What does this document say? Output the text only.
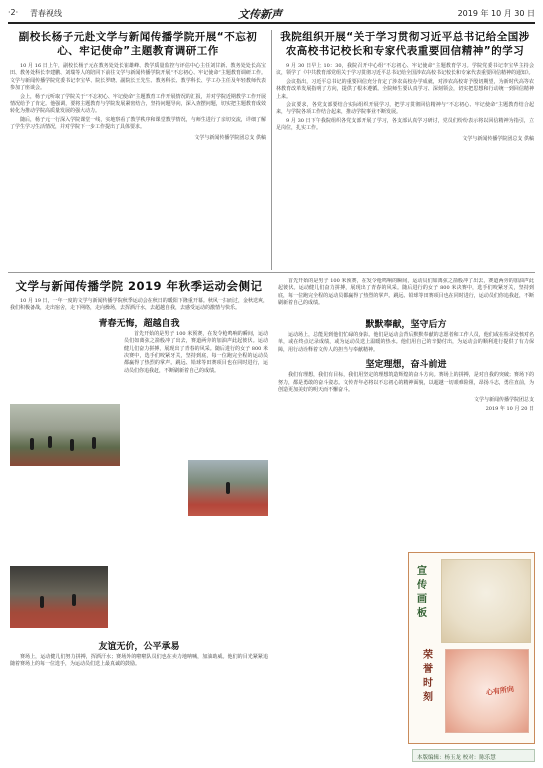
·2· 青春视线	文传新声	2019 年 10 月 30 日
副校长杨子元赴文学与新闻传播学院开展“不忘初心、牢记使命”主题教育调研工作

10 月 16 日上午，副校长杨子元在教务处处长崔雄峰、教学质量监控与评估中心主任刘甘新、教务处处长高宝田、教务处科长李建鹏、刘瑞等人的陪同下前往文学与新闻传播学院开展“不忘初心、牢记使命”主题教育调研工作。文学与新闻传播学院党委书记李宝华、院长罗晓、副院长王先生、教务科长、教学科长、学工办主任及年轻教师代表参加了座谈会。

会上，杨子元听取了学院关于“不忘初心、牢记使命”主题教育工作开展情况的汇报，并对学院近期教学工作开展情况给予了肯定。他强调，要将主题教育与学院发展紧密结合，坚持问题导向，深入查摆问题，切实把主题教育成效转化为推动学院高质量发展的强大动力。

随后，杨子元一行深入学院课堂一线，实地察看了教学秩序和课堂教学情况，与师生进行了亲切交流，详细了解了学生学习生活情况，并对学院下一步工作提出了具体要求。

文学与新闻传播学院团总支 供稿
我院组织开展“关于学习贯彻习近平总书记给全国涉农高校书记校长和专家代表重要回信精神”的学习

9 月 30 日早上 10：30，我院召开中心组“不忘初心、牢记使命”主题教育学习。学院党委书记李宝华主持会议，领学了《中共教育部党组关于学习贯彻习近平总书记给全国涉农高校书记校长和专家代表重要回信精神的通知》。

会议指出，习近平总书记的重要回信充分肯定了涉农高校办学成就，对涉农高校寄予殷切期望，为新时代高等农林教育改革发展指明了方向，提供了根本遵循。全院师生要认真学习、深刻领会，切实把思想和行动统一到回信精神上来。

会议要求，各党支部要结合实际组织开展学习，把学习贯彻回信精神与“不忘初心、牢记使命”主题教育结合起来，与学院各项工作结合起来，推动学院事业不断发展。

9 月 30 日下午我院组织各党支部开展了学习，各支部认真学习研讨，党员们纷纷表示将以回信精神为指引，立足岗位，扎实工作。

文学与新闻传播学院团总支 供稿
文学与新闻传播学院 2019 年秋季运动会侧记
10 月 19 日，一年一度的文学与新闻传播学院秋季运动会在秋日的暖阳下隆重开幕。秋风一扫而过，金秋送爽，我们积极备战，走出宿舍，走下网络，走向操场，去挥洒汗水，去超越自我，去感受运动的激情与快乐。
青春无悔，超越自我
首先开始的是男子 100 米预赛，在发令枪鸣响的瞬间，运动员们如离弦之箭般冲了出去，赛道两旁的加油声此起彼伏。运动健儿们奋力拼搏，展现出了青春的风采。随后进行的女子 800 米决赛中，选手们咬紧牙关，坚持到底，每一位跑完全程的运动员都赢得了热烈的掌声。跳远、铅球等田赛项目也在同时进行，运动员们你追我赶，不断刷新着自己的成绩。
友谊无价，公平承易
赛场上，运动健儿们努力拼搏，挥洒汗水；赛场外的啦啦队员们也在卖力地呐喊，加油助威。他们的目光紧紧追随着赛场上的每一位选手，为运动员们送上最真诚的鼓励。
首先开始的是男子 100 米预赛，在发令枪鸣响的瞬间，运动员们如离弦之箭般冲了出去，赛道两旁的加油声此起彼伏。运动健儿们奋力拼搏，展现出了青春的风采。随后进行的女子 800 米决赛中，选手们咬紧牙关，坚持到底，每一位跑完全程的运动员都赢得了热烈的掌声。跳远、铅球等田赛项目也在同时进行，运动员们你追我赶，不断刷新着自己的成绩。
默默奉献，坚守后方
运动场上，总能见到他们忙碌的身影。他们是运动会背后默默奉献的志愿者和工作人员，他们或在检录处核对名单，或在终点记录成绩，或为运动员送上温暖的热水。他们用自己的辛勤付出，为运动会的顺利进行提供了有力保障，用行动诠释着文传人的担当与奉献精神。
坚定理想，奋斗前进
我们有理想，我们有目标，我们用坚定的理想筑造辉煌的奋斗方向。赛场上的拼搏，是对自我的突破；赛场下的努力，都是勇敢的奋斗姿态。文传青年必将以不忘初心的精神面貌，以超越一切艰难险阻，昂扬斗志，勇往直前，为创造更加美好的明天而不懈奋斗。
文学与新闻传播学院团总支
2019 年 10 月 20 日
宣传画板
荣誉时刻
心有所向
本版编辑：杨玉龙 校对：陈乐慧
